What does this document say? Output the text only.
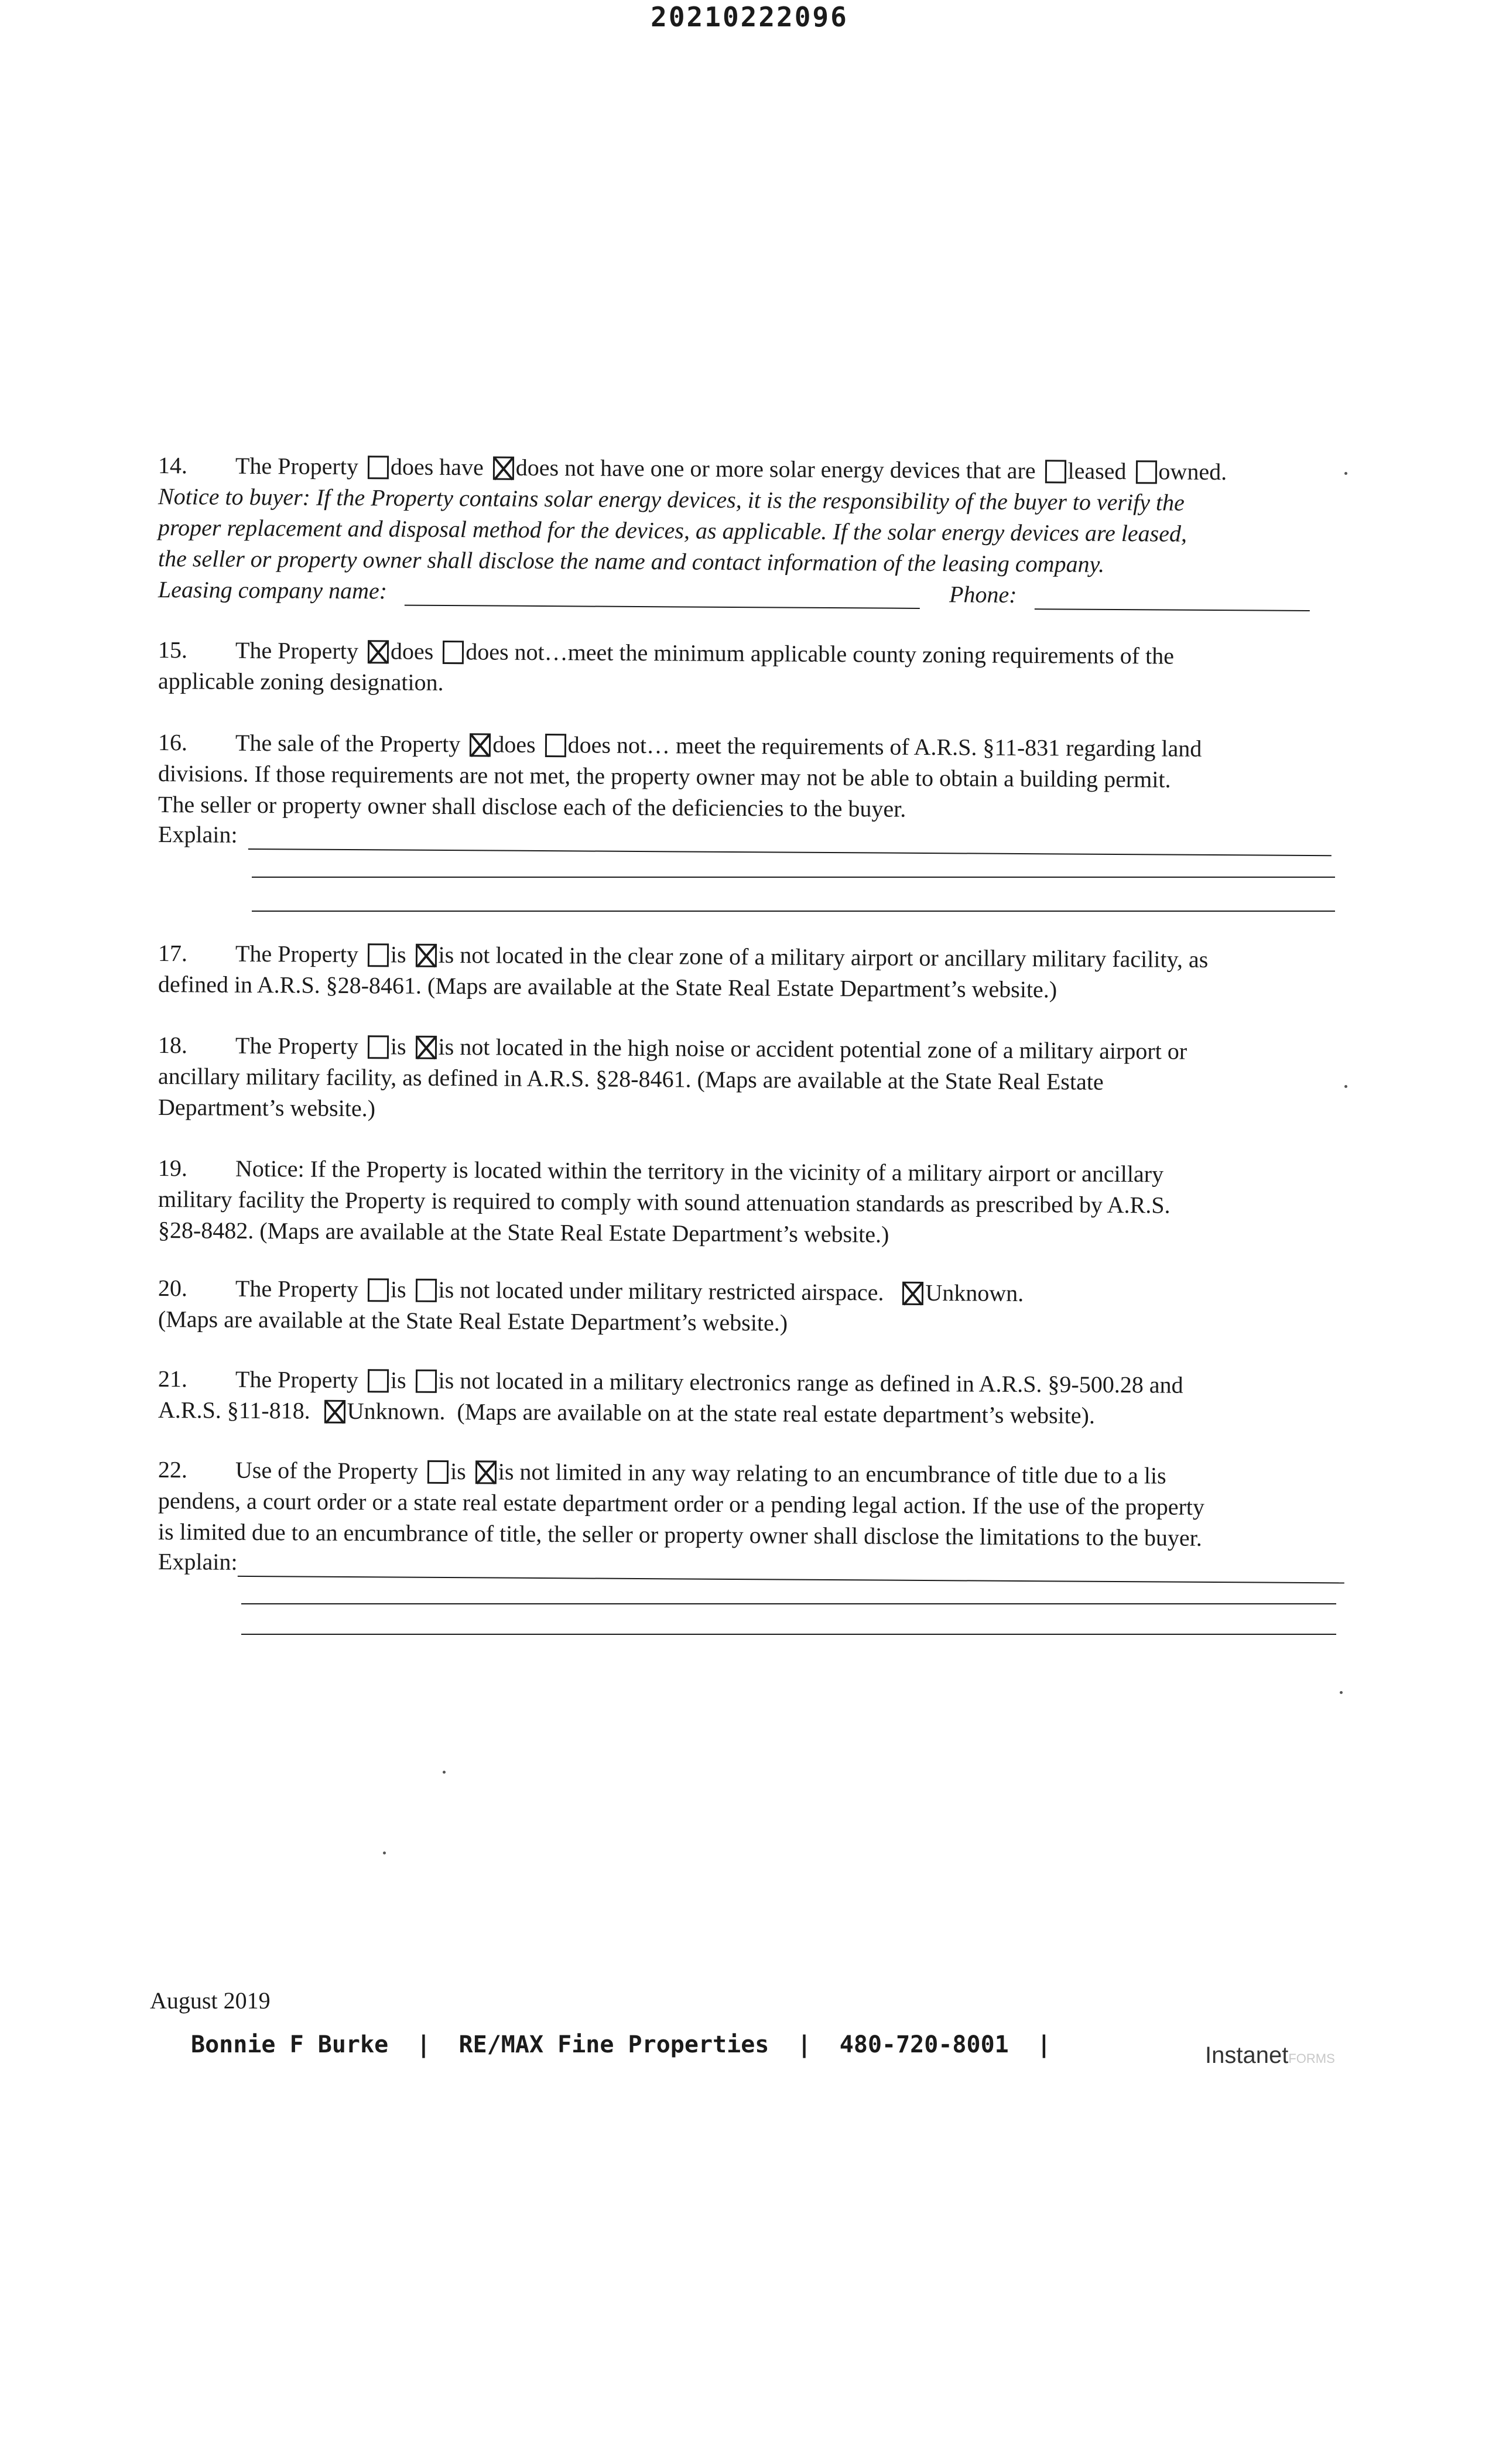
20210222096
14. The Property does have does not have one or more solar energy devices that are leased owned.
Notice to buyer: If the Property contains solar energy devices, it is the responsibility of the buyer to verify the
proper replacement and disposal method for the devices, as applicable. If the solar energy devices are leased,
the seller or property owner shall disclose the name and contact information of the leasing company.
Leasing company name:	Phone:
15. The Property does does not…meet the minimum applicable county zoning requirements of the
applicable zoning designation.
16. The sale of the Property does does not… meet the requirements of A.R.S. §11-831 regarding land
divisions. If those requirements are not met, the property owner may not be able to obtain a building permit.
The seller or property owner shall disclose each of the deficiencies to the buyer.
Explain:
17. The Property is is not located in the clear zone of a military airport or ancillary military facility, as
defined in A.R.S. §28-8461. (Maps are available at the State Real Estate Department’s website.)
18. The Property is is not located in the high noise or accident potential zone of a military airport or
ancillary military facility, as defined in A.R.S. §28-8461. (Maps are available at the State Real Estate
Department’s website.)
19. Notice: If the Property is located within the territory in the vicinity of a military airport or ancillary
military facility the Property is required to comply with sound attenuation standards as prescribed by A.R.S.
§28-8482. (Maps are available at the State Real Estate Department’s website.)
20. The Property is is not located under military restricted airspace. Unknown.
(Maps are available at the State Real Estate Department’s website.)
21. The Property is is not located in a military electronics range as defined in A.R.S. §9-500.28 and
A.R.S. §11-818. Unknown. (Maps are available on at the state real estate department’s website).
22. Use of the Property is is not limited in any way relating to an encumbrance of title due to a lis
pendens, a court order or a state real estate department order or a pending legal action. If the use of the property
is limited due to an encumbrance of title, the seller or property owner shall disclose the limitations to the buyer.
Explain:
August 2019
Bonnie F Burke  |  RE/MAX Fine Properties  |  480-720-8001  |	InstanetFORMS
